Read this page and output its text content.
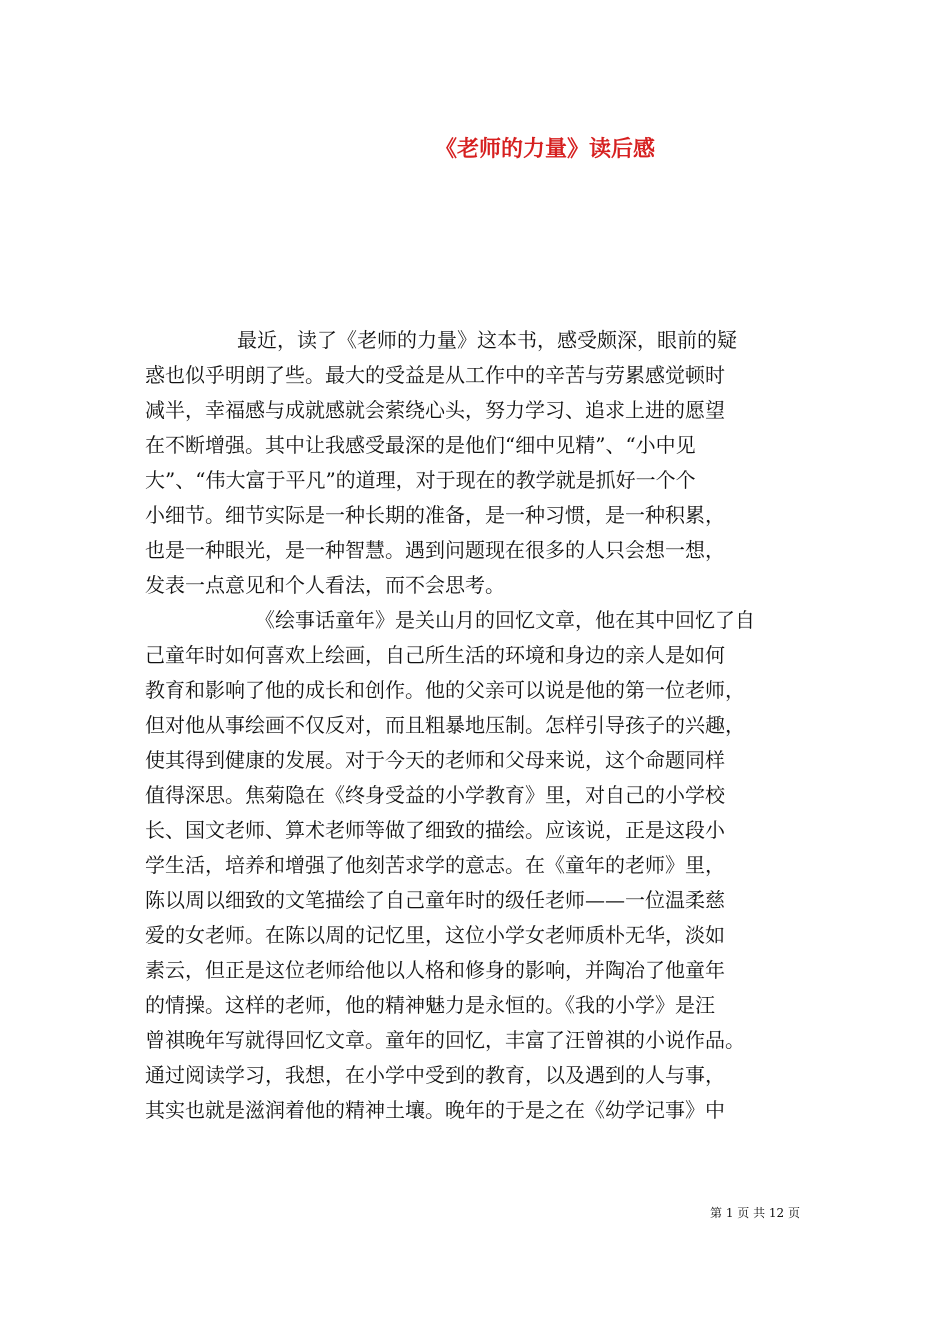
《老师的力量》读后感
最近，读了《老师的力量》这本书，感受颇深，眼前的疑
惑也似乎明朗了些。最大的受益是从工作中的辛苦与劳累感觉顿时
减半，幸福感与成就感就会萦绕心头，努力学习、追求上进的愿望
在不断增强。其中让我感受最深的是他们“细中见精”、“小中见
大”、“伟大富于平凡”的道理，对于现在的教学就是抓好一个个
小细节。细节实际是一种长期的准备，是一种习惯，是一种积累，
也是一种眼光，是一种智慧。遇到问题现在很多的人只会想一想，
发表一点意见和个人看法，而不会思考。
《绘事话童年》是关山月的回忆文章，他在其中回忆了自
己童年时如何喜欢上绘画，自己所生活的环境和身边的亲人是如何
教育和影响了他的成长和创作。他的父亲可以说是他的第一位老师，
但对他从事绘画不仅反对，而且粗暴地压制。怎样引导孩子的兴趣，
使其得到健康的发展。对于今天的老师和父母来说，这个命题同样
值得深思。焦菊隐在《终身受益的小学教育》里，对自己的小学校
长、国文老师、算术老师等做了细致的描绘。应该说，正是这段小
学生活，培养和增强了他刻苦求学的意志。在《童年的老师》里，
陈以周以细致的文笔描绘了自己童年时的级任老师——一位温柔慈
爱的女老师。在陈以周的记忆里，这位小学女老师质朴无华，淡如
素云，但正是这位老师给他以人格和修身的影响，并陶冶了他童年
的情操。这样的老师，他的精神魅力是永恒的。《我的小学》是汪
曾祺晚年写就得回忆文章。童年的回忆，丰富了汪曾祺的小说作品。
通过阅读学习，我想，在小学中受到的教育，以及遇到的人与事，
其实也就是滋润着他的精神土壤。晚年的于是之在《幼学记事》中
第 1 页 共 12 页
